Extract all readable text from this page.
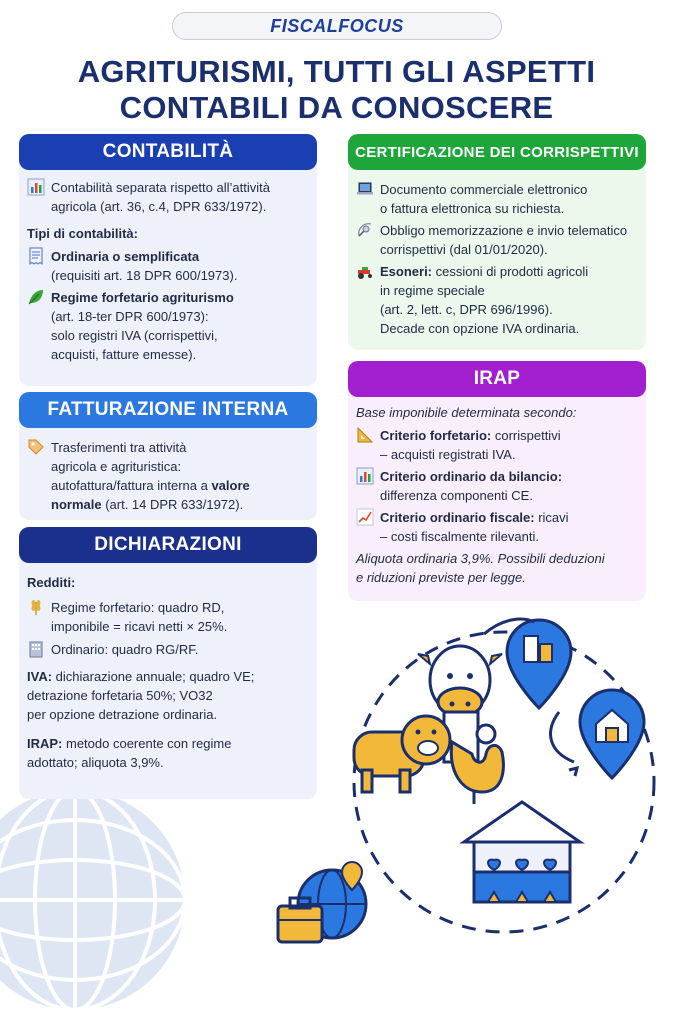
FISCALFOCUS
AGRITURISMI, TUTTI GLI ASPETTI
CONTABILI DA CONOSCERE
CONTABILITÀ

Contabilità separata rispetto all’attività

agricola (art. 36, c.4, DPR 633/1972).

Tipi di contabilità:

Ordinaria o semplificata

(requisiti art. 18 DPR 600/1973).

Regime forfetario agriturismo

(art. 18-ter DPR 600/1973):

solo registri IVA (corrispettivi,

acquisti, fatture emesse).

FATTURAZIONE INTERNA

Trasferimenti tra attività

agricola e agrituristica:

autofattura/fattura interna a valore

normale (art. 14 DPR 633/1972).

DICHIARAZIONI

Redditi:

Regime forfetario: quadro RD,

imponibile = ricavi netti × 25%.

Ordinario: quadro RG/RF.

IVA: dichiarazione annuale; quadro VE;

detrazione forfetaria 50%; VO32

per opzione detrazione ordinaria.

IRAP: metodo coerente con regime

adottato; aliquota 3,9%.

CERTIFICAZIONE DEI CORRISPETTIVI

Documento commerciale elettronico

o fattura elettronica su richiesta.

Obbligo memorizzazione e invio telematico

corrispettivi (dal 01/01/2020).

Esoneri: cessioni di prodotti agricoli

in regime speciale

(art. 2, lett. c, DPR 696/1996).

Decade con opzione IVA ordinaria.

IRAP

Base imponibile determinata secondo:

Criterio forfetario: corrispettivi

– acquisti registrati IVA.

Criterio ordinario da bilancio:

differenza componenti CE.

Criterio ordinario fiscale: ricavi

– costi fiscalmente rilevanti.

Aliquota ordinaria 3,9%. Possibili deduzioni

e riduzioni previste per legge.
